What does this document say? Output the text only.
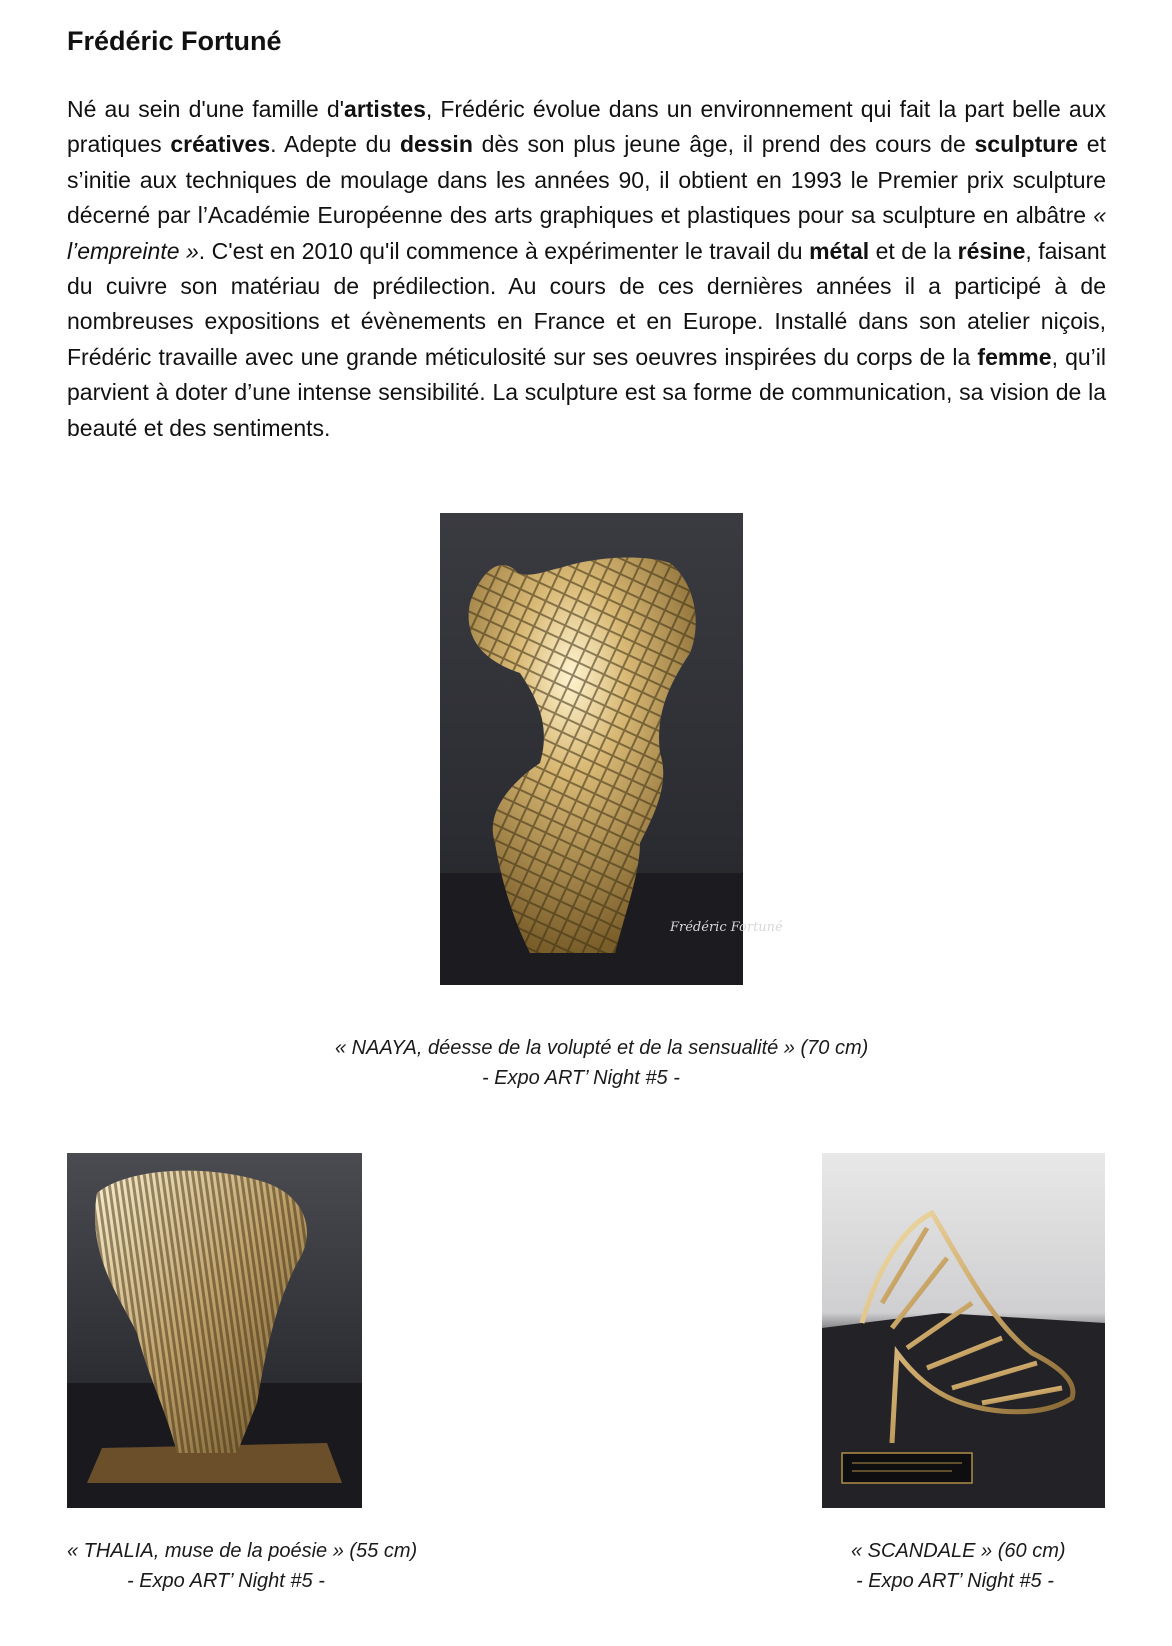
Frédéric Fortuné

Né au sein d'une famille d'artistes, Frédéric évolue dans un environnement qui fait la part belle aux pratiques créatives. Adepte du dessin dès son plus jeune âge, il prend des cours de sculpture et s’initie aux techniques de moulage dans les années 90, il obtient en 1993 le Premier prix sculpture décerné par l’Académie Européenne des arts graphiques et plastiques pour sa sculpture en albâtre « l’empreinte ». C'est en 2010 qu'il commence à expérimenter le travail du métal et de la résine, faisant du cuivre son matériau de prédilection. Au cours de ces dernières années il a participé à de nombreuses expositions et évènements en France et en Europe. Installé dans son atelier niçois, Frédéric travaille avec une grande méticulosité sur ses oeuvres inspirées du corps de la femme, qu’il parvient à doter d’une intense sensibilité. La sculpture est sa forme de communication, sa vision de la beauté et des sentiments.

Frédéric Fortuné
« NAAYA, déesse de la volupté et de la sensualité » (70 cm)
- Expo ART’ Night #5 -
« THALIA, muse de la poésie » (55 cm)
- Expo ART’ Night #5 -
« SCANDALE » (60 cm)
- Expo ART’ Night #5 -
